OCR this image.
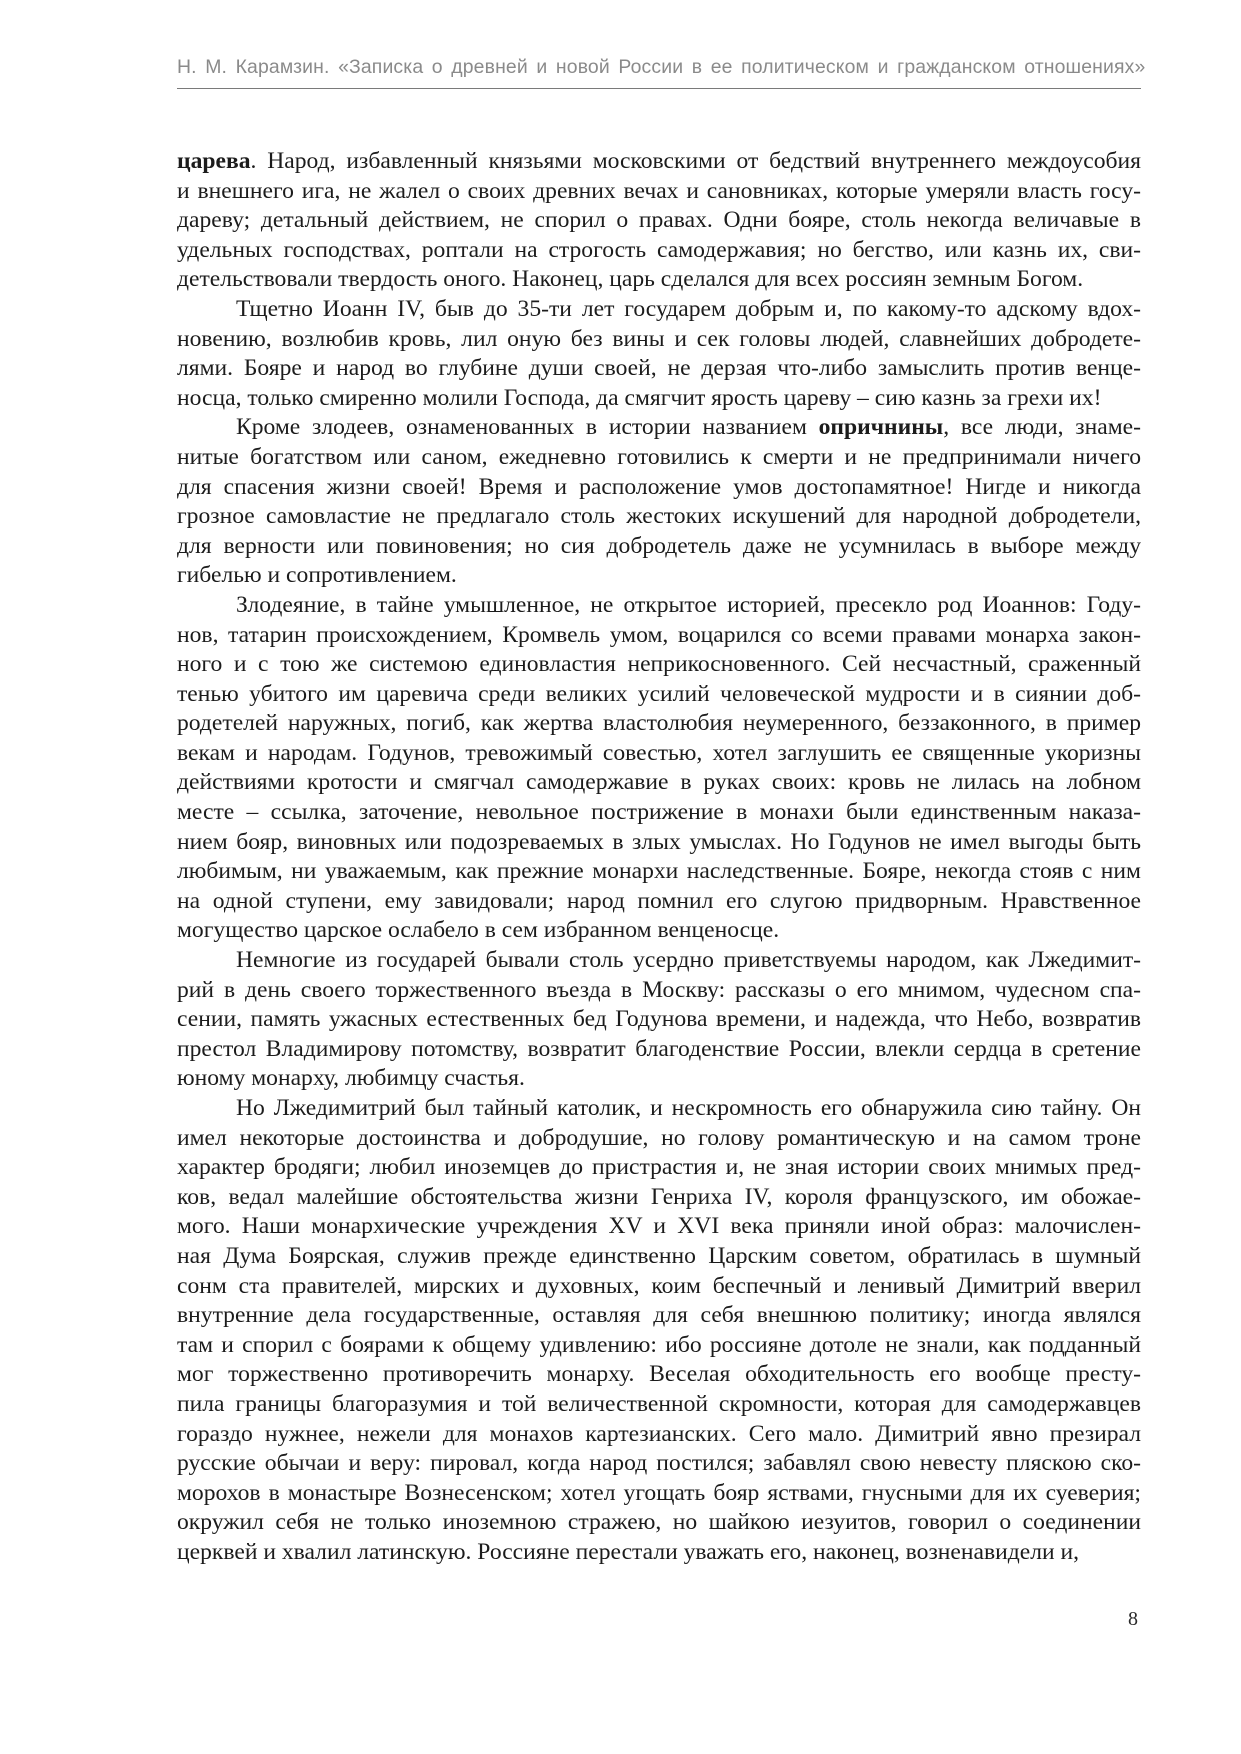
Н. М. Карамзин. «Записка о древней и новой России в ее политическом и гражданском отношениях»
царева. Народ, избавленный князьями московскими от бедствий внутреннего междоусобия
и внешнего ига, не жалел о своих древних вечах и сановниках, которые умеряли власть госу-
дареву; детальный действием, не спорил о правах. Одни бояре, столь некогда величавые в
удельных господствах, роптали на строгость самодержавия; но бегство, или казнь их, сви-
детельствовали твердость оного. Наконец, царь сделался для всех россиян земным Богом.
Тщетно Иоанн IV, быв до 35-ти лет государем добрым и, по какому-то адскому вдох-
новению, возлюбив кровь, лил оную без вины и сек головы людей, славнейших добродете-
лями. Бояре и народ во глубине души своей, не дерзая что-либо замыслить против венце-
носца, только смиренно молили Господа, да смягчит ярость цареву – сию казнь за грехи их!
Кроме злодеев, ознаменованных в истории названием опричнины, все люди, знаме-
нитые богатством или саном, ежедневно готовились к смерти и не предпринимали ничего
для спасения жизни своей! Время и расположение умов достопамятное! Нигде и никогда
грозное самовластие не предлагало столь жестоких искушений для народной добродетели,
для верности или повиновения; но сия добродетель даже не усумнилась в выборе между
гибелью и сопротивлением.
Злодеяние, в тайне умышленное, не открытое историей, пресекло род Иоаннов: Году-
нов, татарин происхождением, Кромвель умом, воцарился со всеми правами монарха закон-
ного и с тою же системою единовластия неприкосновенного. Сей несчастный, сраженный
тенью убитого им царевича среди великих усилий человеческой мудрости и в сиянии доб-
родетелей наружных, погиб, как жертва властолюбия неумеренного, беззаконного, в пример
векам и народам. Годунов, тревожимый совестью, хотел заглушить ее священные укоризны
действиями кротости и смягчал самодержавие в руках своих: кровь не лилась на лобном
месте – ссылка, заточение, невольное пострижение в монахи были единственным наказа-
нием бояр, виновных или подозреваемых в злых умыслах. Но Годунов не имел выгоды быть
любимым, ни уважаемым, как прежние монархи наследственные. Бояре, некогда стояв с ним
на одной ступени, ему завидовали; народ помнил его слугою придворным. Нравственное
могущество царское ослабело в сем избранном венценосце.
Немногие из государей бывали столь усердно приветствуемы народом, как Лжедимит-
рий в день своего торжественного въезда в Москву: рассказы о его мнимом, чудесном спа-
сении, память ужасных естественных бед Годунова времени, и надежда, что Небо, возвратив
престол Владимирову потомству, возвратит благоденствие России, влекли сердца в сретение
юному монарху, любимцу счастья.
Но Лжедимитрий был тайный католик, и нескромность его обнаружила сию тайну. Он
имел некоторые достоинства и добродушие, но голову романтическую и на самом троне
характер бродяги; любил иноземцев до пристрастия и, не зная истории своих мнимых пред-
ков, ведал малейшие обстоятельства жизни Генриха IV, короля французского, им обожае-
мого. Наши монархические учреждения XV и XVI века приняли иной образ: малочислен-
ная Дума Боярская, служив прежде единственно Царским советом, обратилась в шумный
сонм ста правителей, мирских и духовных, коим беспечный и ленивый Димитрий вверил
внутренние дела государственные, оставляя для себя внешнюю политику; иногда являлся
там и спорил с боярами к общему удивлению: ибо россияне дотоле не знали, как подданный
мог торжественно противоречить монарху. Веселая обходительность его вообще престу-
пила границы благоразумия и той величественной скромности, которая для самодержавцев
гораздо нужнее, нежели для монахов картезианских. Сего мало. Димитрий явно презирал
русские обычаи и веру: пировал, когда народ постился; забавлял свою невесту пляскою ско-
морохов в монастыре Вознесенском; хотел угощать бояр яствами, гнусными для их суеверия;
окружил себя не только иноземною стражею, но шайкою иезуитов, говорил о соединении
церквей и хвалил латинскую. Россияне перестали уважать его, наконец, возненавидели и,
8
